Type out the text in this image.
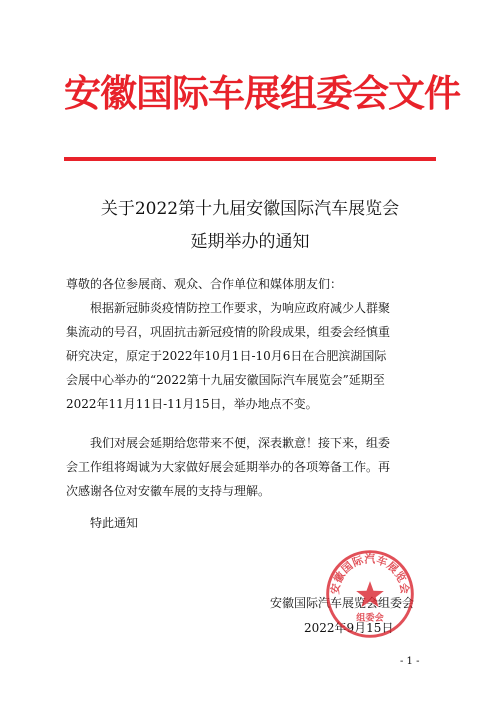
安徽国际车展组委会文件
关于2022第十九届安徽国际汽车展览会
延期举办的通知
尊敬的各位参展商、观众、合作单位和媒体朋友们：
根据新冠肺炎疫情防控工作要求，为响应政府减少人群聚
集流动的号召，巩固抗击新冠疫情的阶段成果，组委会经慎重
研究决定，原定于2022年10月1日-10月6日在合肥滨湖国际
会展中心举办的“2022第十九届安徽国际汽车展览会”延期至
2022年11月11日-11月15日，举办地点不变。
我们对展会延期给您带来不便，深表歉意！接下来，组委
会工作组将竭诚为大家做好展会延期举办的各项筹备工作。再
次感谢各位对安徽车展的支持与理解。
特此通知
安徽国际汽车展览会组委会
2022年9月15日
安徽国际汽车展览会
组委会
- 1 -
